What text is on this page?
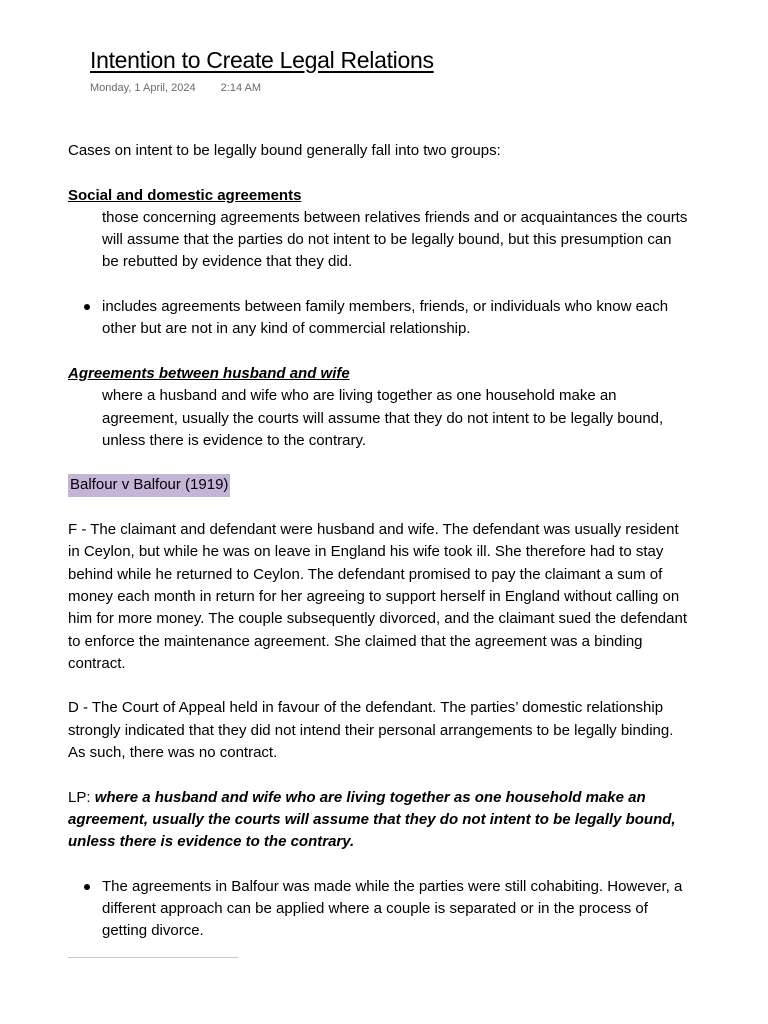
Intention to Create Legal Relations
Monday, 1 April, 2024 2:14 AM

Cases on intent to be legally bound generally fall into two groups:

Social and domestic agreements

those concerning agreements between relatives friends and or acquaintances the courts will assume that the parties do not intent to be legally bound, but this presumption can be rebutted by evidence that they did.

includes agreements between family members, friends, or individuals who know each other but are not in any kind of commercial relationship.

Agreements between husband and wife

where a husband and wife who are living together as one household make an agreement, usually the courts will assume that they do not intent to be legally bound, unless there is evidence to the contrary.

Balfour v Balfour (1919)

F - The claimant and defendant were husband and wife. The defendant was usually resident in Ceylon, but while he was on leave in England his wife took ill. She therefore had to stay behind while he returned to Ceylon. The defendant promised to pay the claimant a sum of money each month in return for her agreeing to support herself in England without calling on him for more money. The couple subsequently divorced, and the claimant sued the defendant to enforce the maintenance agreement. She claimed that the agreement was a binding contract.

D - The Court of Appeal held in favour of the defendant. The parties’ domestic relationship strongly indicated that they did not intend their personal arrangements to be legally binding. As such, there was no contract.

LP: where a husband and wife who are living together as one household make an agreement, usually the courts will assume that they do not intent to be legally bound, unless there is evidence to the contrary.

The agreements in Balfour was made while the parties were still cohabiting. However, a different approach can be applied where a couple is separated or in the process of getting divorce.
